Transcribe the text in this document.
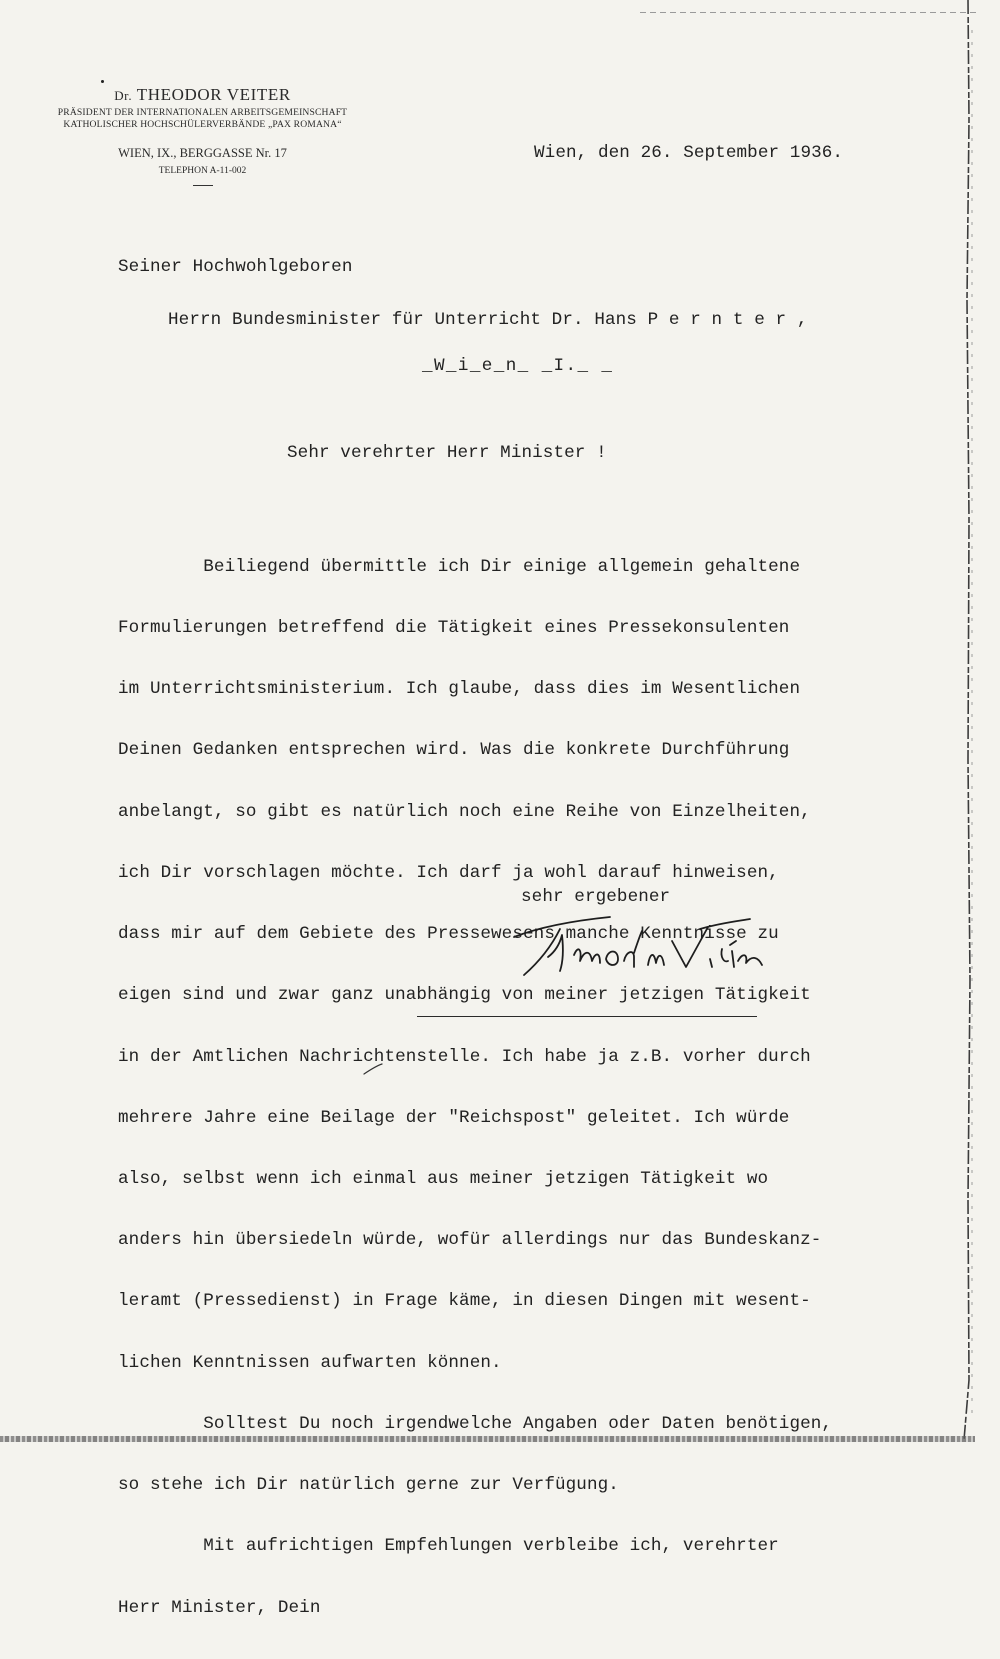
Dr. THEODOR VEITER
PRÄSIDENT DER INTERNATIONALEN ARBEITSGEMEINSCHAFT
KATHOLISCHER HOCHSCHÜLERVERBÄNDE „PAX ROMANA“
WIEN, IX., BERGGASSE Nr. 17
TELEPHON A-11-002
Wien, den 26. September 1936.
Seiner Hochwohlgeboren
Herrn Bundesminister für Unterricht Dr. Hans P e r n t e r ,
_W_i_e_n_ _I._ _
Sehr verehrter Herr Minister !

Beiliegend übermittle ich Dir einige allgemein gehaltene

Formulierungen betreffend die Tätigkeit eines Pressekonsulenten

im Unterrichtsministerium. Ich glaube, dass dies im Wesentlichen

Deinen Gedanken entsprechen wird. Was die konkrete Durchführung

anbelangt, so gibt es natürlich noch eine Reihe von Einzelheiten,

ich Dir vorschlagen möchte. Ich darf ja wohl darauf hinweisen,

dass mir auf dem Gebiete des Pressewesens manche Kenntnisse zu

eigen sind und zwar ganz unabhängig von meiner jetzigen Tätigkeit

in der Amtlichen Nachrichtenstelle. Ich habe ja z.B. vorher durch

mehrere Jahre eine Beilage der "Reichspost" geleitet. Ich würde

also, selbst wenn ich einmal aus meiner jetzigen Tätigkeit wo

anders hin übersiedeln würde, wofür allerdings nur das Bundeskanz-

leramt (Pressedienst) in Frage käme, in diesen Dingen mit wesent-

lichen Kenntnissen aufwarten können.

Solltest Du noch irgendwelche Angaben oder Daten benötigen,

so stehe ich Dir natürlich gerne zur Verfügung.

Mit aufrichtigen Empfehlungen verbleibe ich, verehrter

Herr Minister, Dein

sehr ergebener
